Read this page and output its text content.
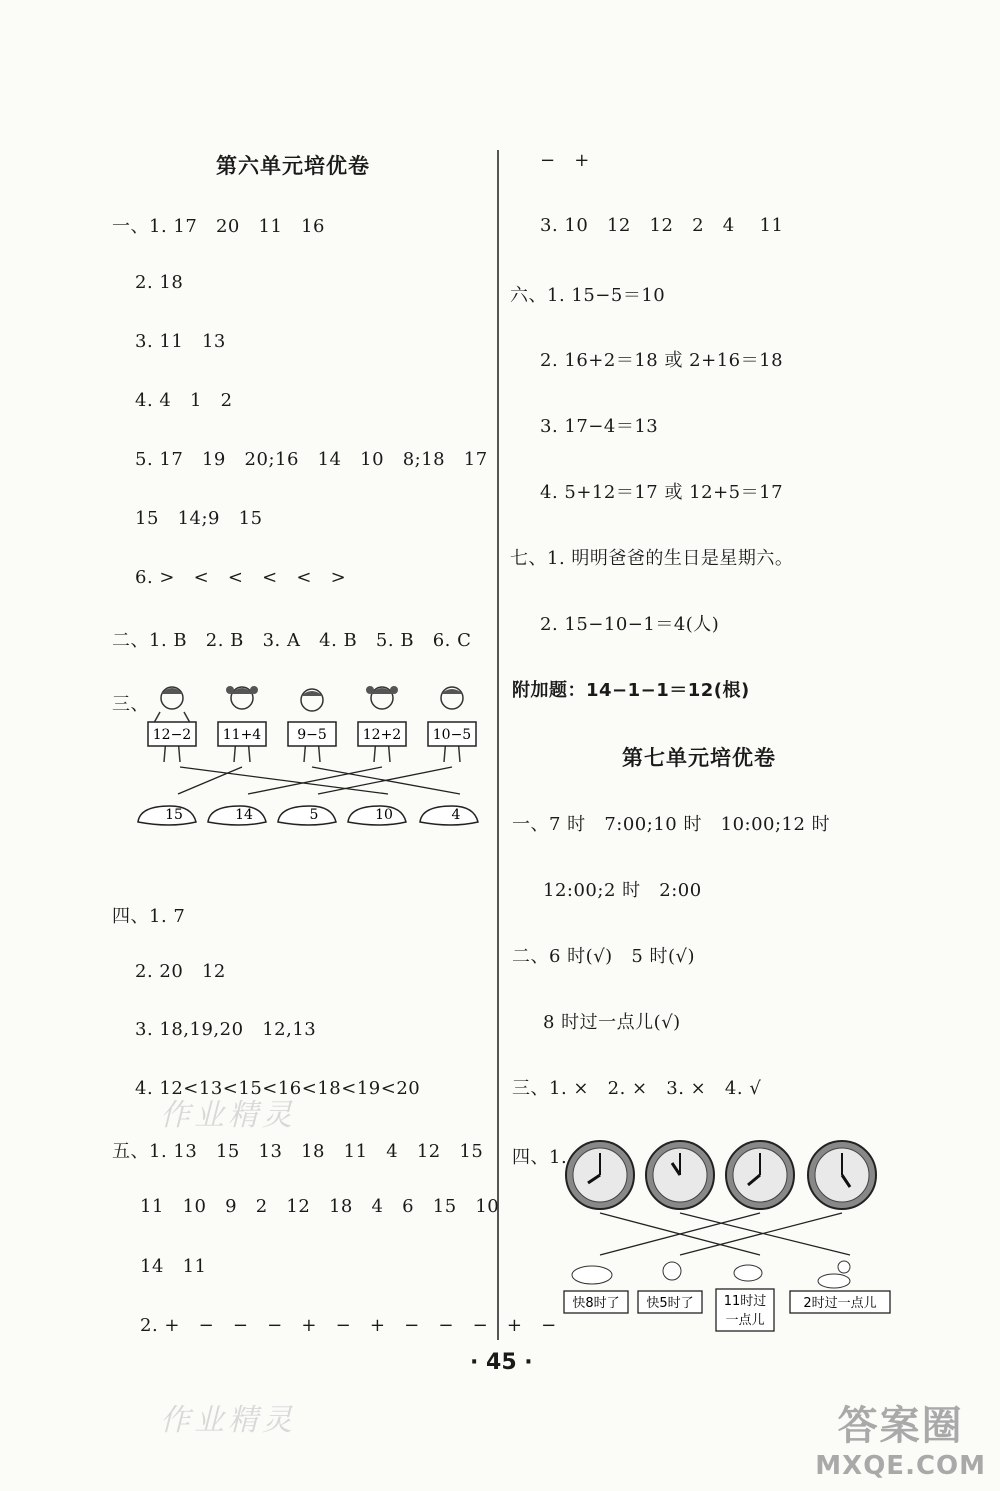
第六单元培优卷
一、1. 17   20   11   16
2. 18
3. 11   13
4. 4   1   2
5. 17   19   20;16   14   10   8;18   17
15   14;9   15
6. >   <   <   <   <   >
二、1. B   2. B   3. A   4. B   5. B   6. C
三、
12−2 11+4	9−5	12+2 10−5
15	14	5	10	4
四、1. 7
2. 20   12
3. 18,19,20   12,13
4. 12<13<15<16<18<19<20
五、1. 13   15   13   18   11   4   12   15
11   10   9   2   12   18   4   6   15   10
14   11
2. +   −   −   −   +   −   +   −   −   −   +   −
−   +
3. 10   12   12   2   4    11
六、1. 15−5＝10
2. 16+2＝18 或 2+16＝18
3. 17−4＝13
4. 5+12＝17 或 12+5＝17
七、1. 明明爸爸的生日是星期六。
2. 15−10−1＝4(人)
附加题：14−1−1＝12(根)
第七单元培优卷
一、7 时   7:00;10 时   10:00;12 时
12:00;2 时   2:00
二、6 时(√)   5 时(√)
8 时过一点儿(√)
三、1. ×   2. ×   3. ×   4. √
四、1.
快8时了 快5时了 11时过
一点儿
2时过一点儿
作业精灵
作业精灵
· 45 ·
答案圈
MXQE.COM
